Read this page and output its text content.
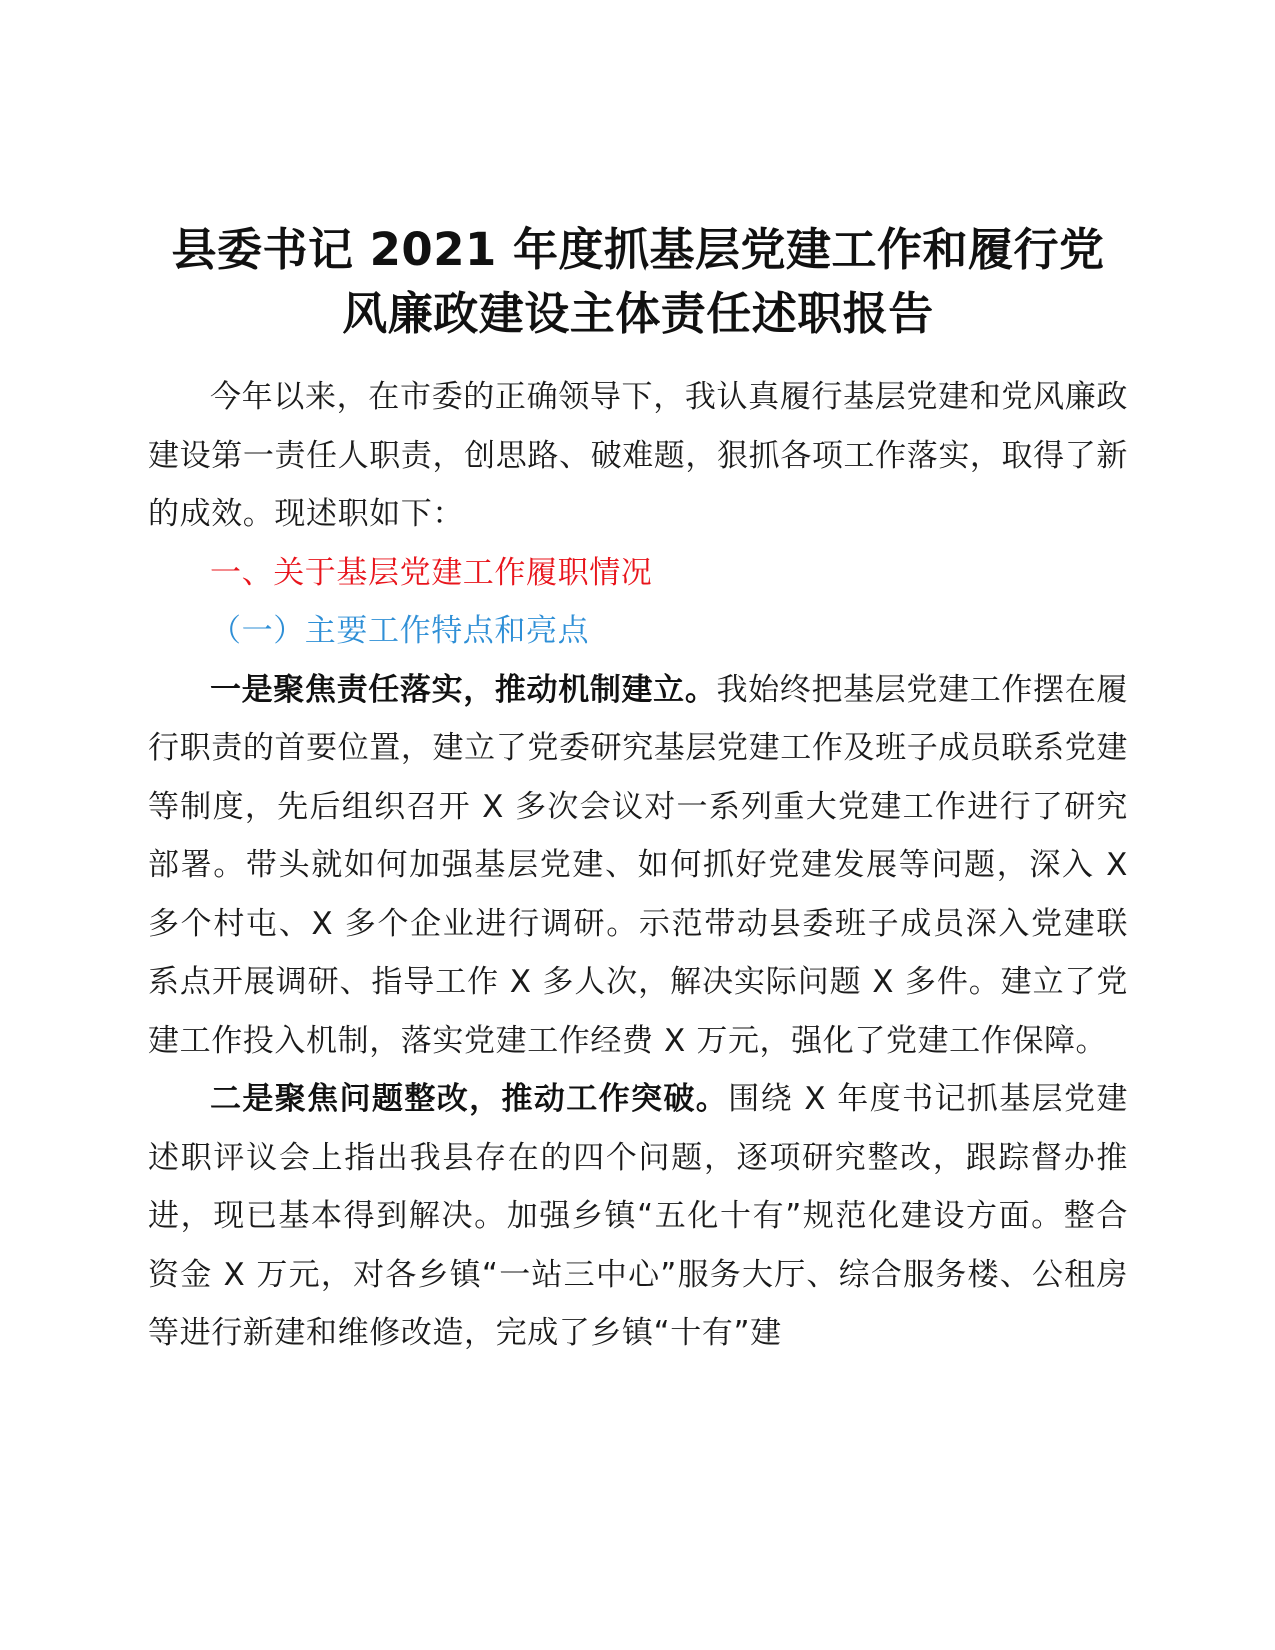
县委书记 2021 年度抓基层党建工作和履行党
风廉政建设主体责任述职报告

今年以来，在市委的正确领导下，我认真履行基层党建和党风廉政建设第一责任人职责，创思路、破难题，狠抓各项工作落实，取得了新的成效。现述职如下：

一、关于基层党建工作履职情况

（一）主要工作特点和亮点

一是聚焦责任落实，推动机制建立。我始终把基层党建工作摆在履行职责的首要位置，建立了党委研究基层党建工作及班子成员联系党建等制度，先后组织召开 X 多次会议对一系列重大党建工作进行了研究部署。带头就如何加强基层党建、如何抓好党建发展等问题，深入 X 多个村屯、X 多个企业进行调研。示范带动县委班子成员深入党建联系点开展调研、指导工作 X 多人次，解决实际问题 X 多件。建立了党建工作投入机制，落实党建工作经费 X 万元，强化了党建工作保障。

二是聚焦问题整改，推动工作突破。围绕 X 年度书记抓基层党建述职评议会上指出我县存在的四个问题，逐项研究整改，跟踪督办推进，现已基本得到解决。加强乡镇“五化十有”规范化建设方面。整合资金 X 万元，对各乡镇“一站三中心”服务大厅、综合服务楼、公租房等进行新建和维修改造，完成了乡镇“十有”建
